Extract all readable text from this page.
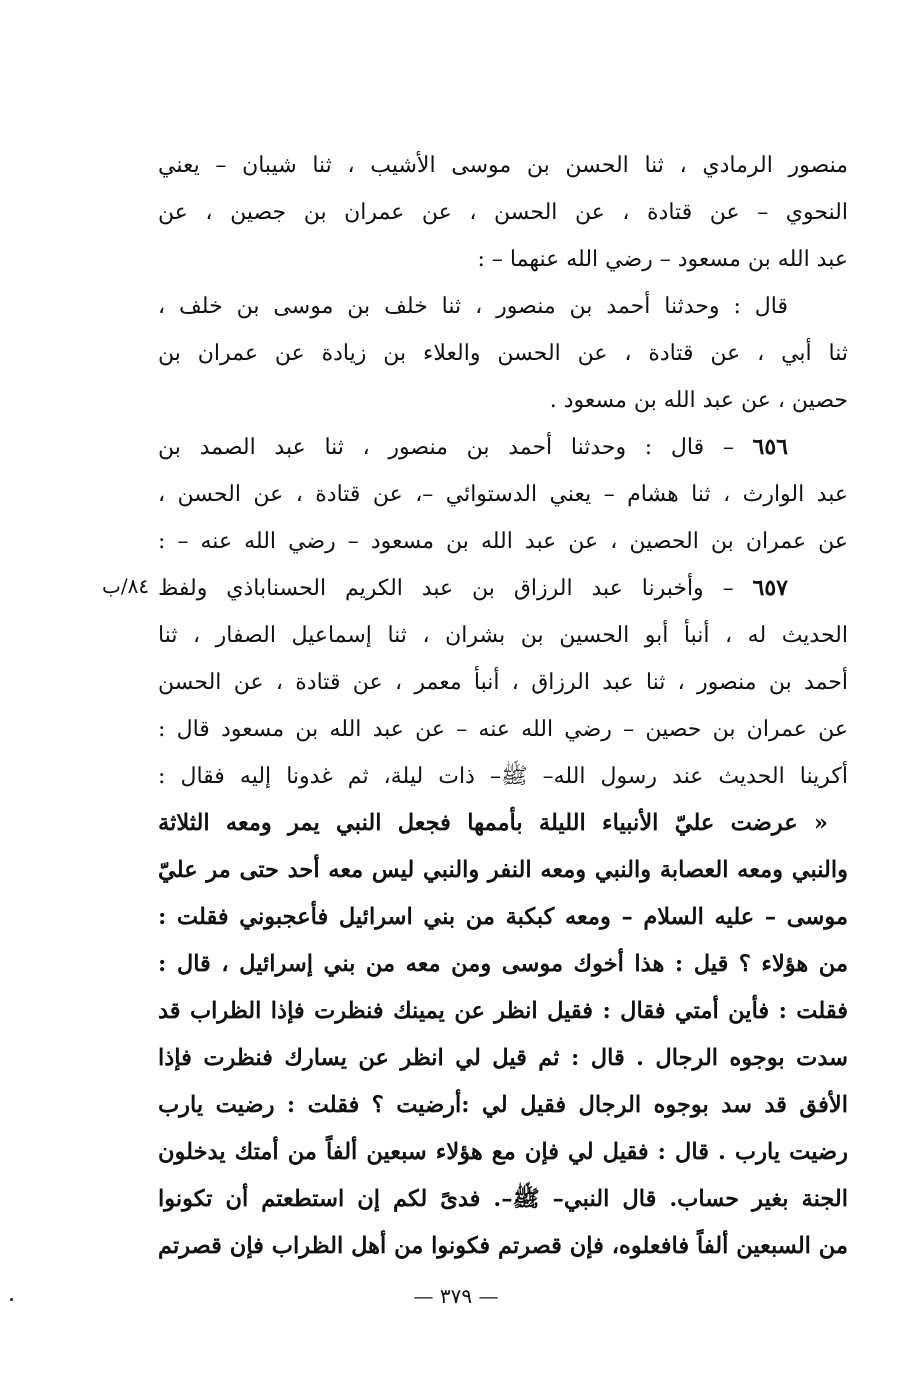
منصور الرمادي ، ثنا الحسن بن موسى الأشيب ، ثنا شيبان – يعني
النحوي – عن قتادة ، عن الحسن ، عن عمران بن جصين ، عن
عبد الله بن مسعود – رضي الله عنهما – :
قال : وحدثنا أحمد بن منصور ، ثنا خلف بن موسى بن خلف ،
ثنا أبي ، عن قتادة ، عن الحسن والعلاء بن زيادة عن عمران بن
حصين ، عن عبد الله بن مسعود .
٦٥٦ – قال : وحدثنا أحمد بن منصور ، ثنا عبد الصمد بن
عبد الوارث ، ثنا هشام – يعني الدستوائي –، عن قتادة ، عن الحسن ،
عن عمران بن الحصين ، عن عبد الله بن مسعود – رضي الله عنه – :
٦٥٧ – وأخبرنا عبد الرزاق بن عبد الكريم الحسناباذي ولفظ
الحديث له ، أنبأ أبو الحسين بن بشران ، ثنا إسماعيل الصفار ، ثنا
أحمد بن منصور ، ثنا عبد الرزاق ، أنبأ معمر ، عن قتادة ، عن الحسن
عن عمران بن حصين – رضي الله عنه – عن عبد الله بن مسعود قال :
أكرينا الحديث عند رسول الله– ﷺ– ذات ليلة، ثم غدونا إليه فقال :
« عرضت عليّ الأنبياء الليلة بأممها فجعل النبي يمر ومعه الثلاثة
والنبي ومعه العصابة والنبي ومعه النفر والنبي ليس معه أحد حتى مر عليّ
موسى – عليه السلام – ومعه كبكبة من بني اسرائيل فأعجبوني فقلت :
من هؤلاء ؟ قيل : هذا أخوك موسى ومن معه من بني إسرائيل ، قال :
فقلت : فأين أمتي فقال : فقيل انظر عن يمينك فنظرت فإذا الظراب قد
سدت بوجوه الرجال . قال : ثم قيل لي انظر عن يسارك فنظرت فإذا
الأفق قد سد بوجوه الرجال فقيل لي :أرضيت ؟ فقلت : رضيت يارب
رضيت يارب . قال : فقيل لي فإن مع هؤلاء سبعين ألفاً من أمتك يدخلون
الجنة بغير حساب. قال النبي– ﷺ–. فدىً لكم إن استطعتم أن تكونوا
من السبعين ألفاً فافعلوه، فإن قصرتم فكونوا من أهل الظراب فإن قصرتم
٨٤/ب
— ٣٧٩ —
